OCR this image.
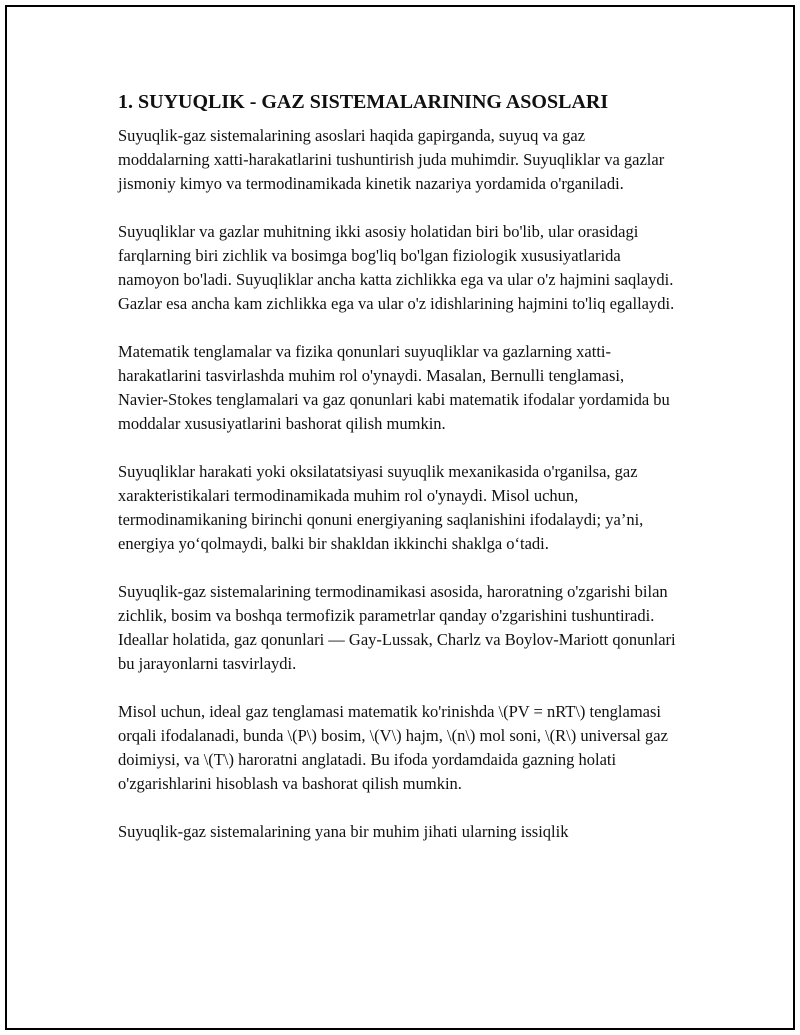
1. SUYUQLIK - GAZ SISTEMALARINING ASOSLARI

Suyuqlik-gaz sistemalarining asoslari haqida gapirganda, suyuq va gaz moddalarning xatti-harakatlarini tushuntirish juda muhimdir. Suyuqliklar va gazlar jismoniy kimyo va termodinamikada kinetik nazariya yordamida o'rganiladi.

Suyuqliklar va gazlar muhitning ikki asosiy holatidan biri bo'lib, ular orasidagi farqlarning biri zichlik va bosimga bog'liq bo'lgan fiziologik xususiyatlarida namoyon bo'ladi. Suyuqliklar ancha katta zichlikka ega va ular o'z hajmini saqlaydi. Gazlar esa ancha kam zichlikka ega va ular o'z idishlarining hajmini to'liq egallaydi.

Matematik tenglamalar va fizika qonunlari suyuqliklar va gazlarning xatti-harakatlarini tasvirlashda muhim rol o'ynaydi. Masalan, Bernulli tenglamasi, Navier-Stokes tenglamalari va gaz qonunlari kabi matematik ifodalar yordamida bu moddalar xususiyatlarini bashorat qilish mumkin.

Suyuqliklar harakati yoki oksilatatsiyasi suyuqlik mexanikasida o'rganilsa, gaz xarakteristikalari termodinamikada muhim rol o'ynaydi. Misol uchun, termodinamikaning birinchi qonuni energiyaning saqlanishini ifodalaydi; ya’ni, energiya yo‘qolmaydi, balki bir shakldan ikkinchi shaklga o‘tadi.

Suyuqlik-gaz sistemalarining termodinamikasi asosida, haroratning o'zgarishi bilan zichlik, bosim va boshqa termofizik parametrlar qanday o'zgarishini tushuntiradi. Ideallar holatida, gaz qonunlari — Gay-Lussak, Charlz va Boylov-Mariott qonunlari bu jarayonlarni tasvirlaydi.

Misol uchun, ideal gaz tenglamasi matematik ko'rinishda \(PV = nRT\) tenglamasi orqali ifodalanadi, bunda \(P\) bosim, \(V\) hajm, \(n\) mol soni, \(R\) universal gaz doimiysi, va \(T\) haroratni anglatadi. Bu ifoda yordamdaida gazning holati o'zgarishlarini hisoblash va bashorat qilish mumkin.

Suyuqlik-gaz sistemalarining yana bir muhim jihati ularning issiqlik
